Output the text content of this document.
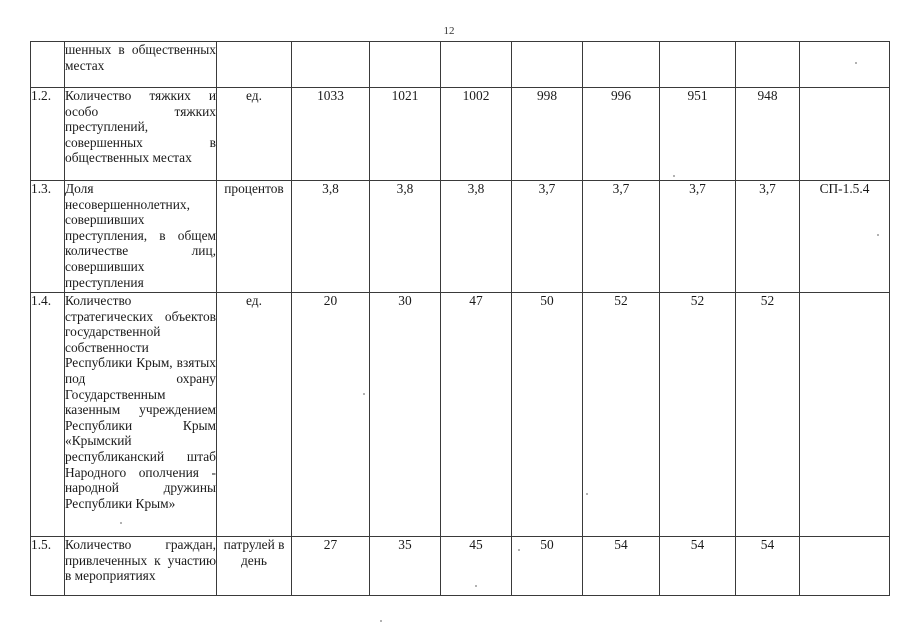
12
	шенных в общественных местах									
1.2.	Количество тяжких и особо тяжких преступлений, совершенных в общественных местах	ед.	1033	1021	1002	998	996	951	948	
1.3.	Доля несовершеннолетних, совершивших преступления, в общем количестве лиц, совершивших преступления	процентов	3,8	3,8	3,8	3,7	3,7	3,7	3,7	СП-1.5.4
1.4.	Количество стратегических объектов государственной собственности Республики Крым, взятых под охрану Государственным казенным учреждением Республики Крым «Крымский республиканский штаб Народного ополчения - народной дружины Республики Крым»	ед.	20	30	47	50	52	52	52	
1.5.	Количество граждан, привлеченных к участию в мероприятиях	патрулей в день	27	35	45	50	54	54	54	
